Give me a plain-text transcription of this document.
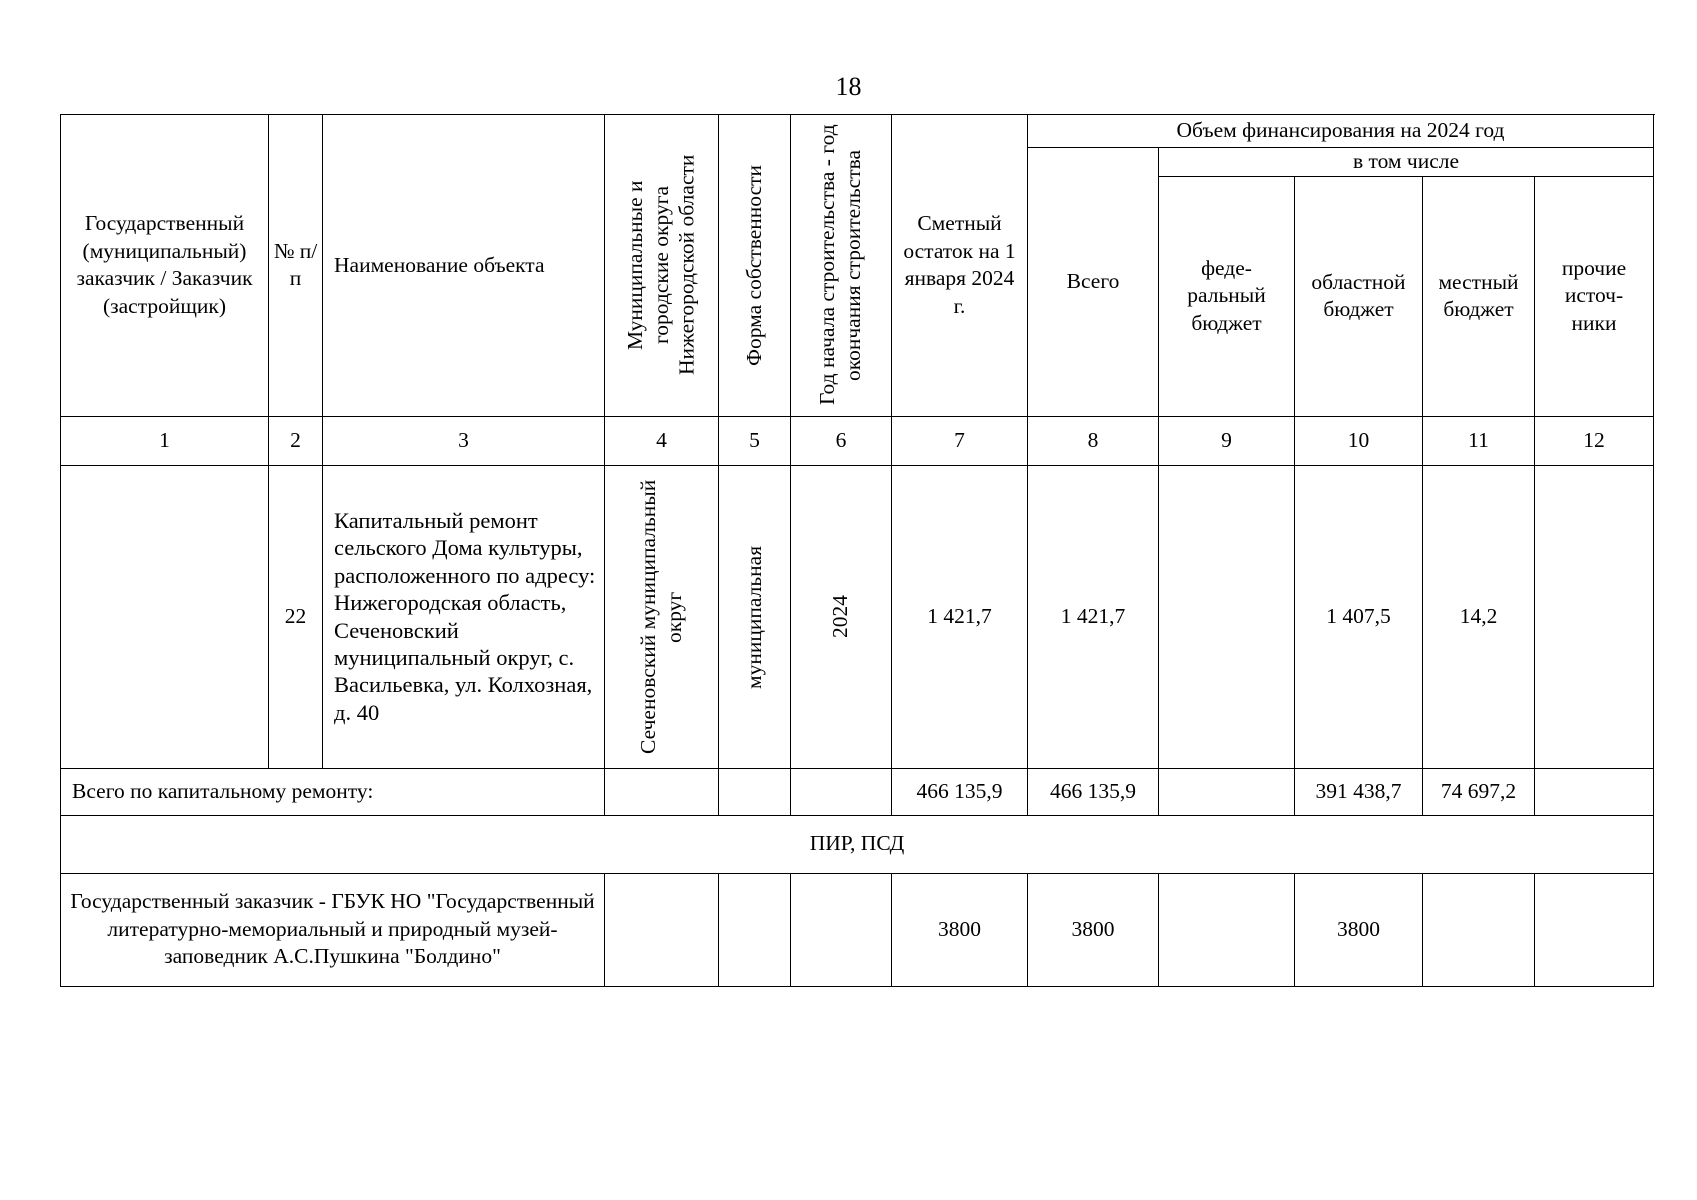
18
Государственный (муниципальный) заказчик / Заказчик (застройщик)	№ п/п	Наименование объекта	Муниципальные и городские округа Нижегородской области	Форма собственности	Год начала строительства - год окончания строительства	Сметный остаток на 1 января 2024 г.	Объем финансирования на 2024 год				
							Всего	в том числе			
								феде-ральный бюджет	областной бюджет	местный бюджет	прочие источ-ники
1	2	3	4	5	6	7	8	9	10	11	12
	22	Капитальный ремонт сельского Дома культуры, расположенного по адресу: Нижегородская область, Сеченовский муниципальный округ, с. Васильевка, ул. Колхозная, д. 40	Сеченовский муниципальный округ	муниципальная	2024	1 421,7	1 421,7		1 407,5	14,2	
Всего по капитальному ремонту:						466 135,9	466 135,9		391 438,7	74 697,2	
ПИР, ПСД											
Государственный заказчик - ГБУК НО "Государственный литературно-мемориальный и природный музей-заповедник А.С.Пушкина "Болдино"						3800	3800		3800		
